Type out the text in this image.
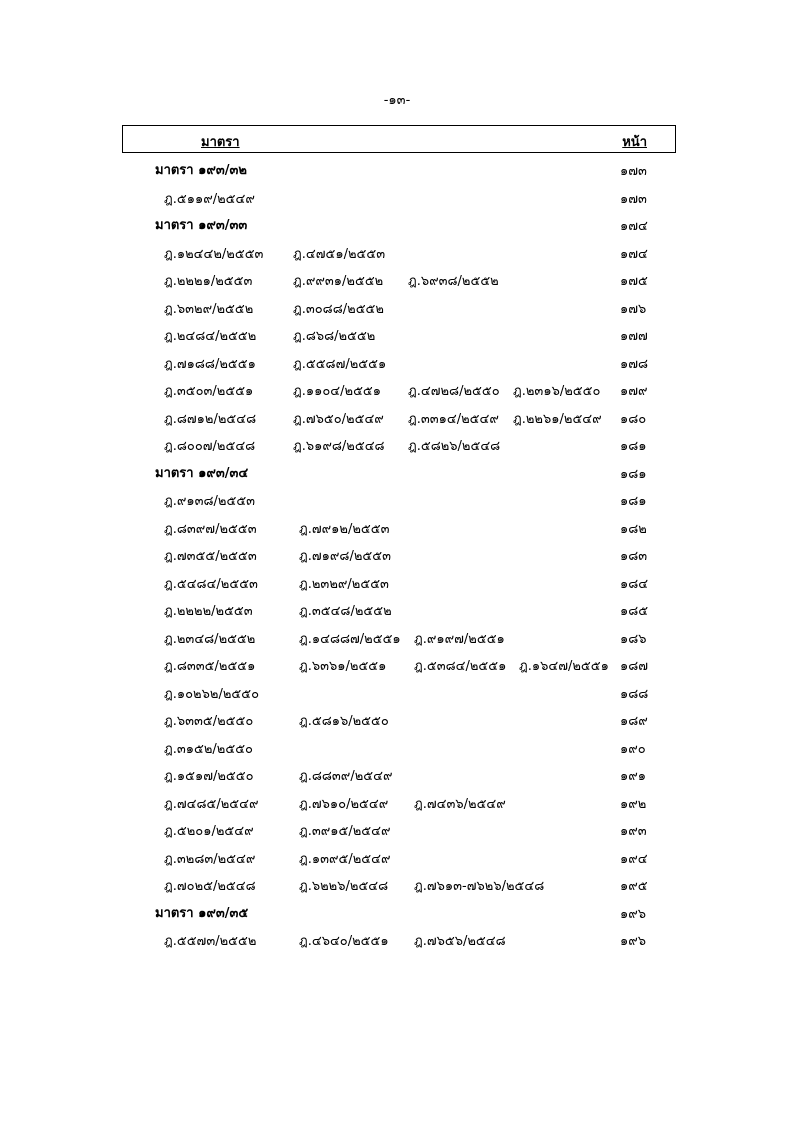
-๑๓-
มาตรา	หน้า
มาตรา ๑๙๓/๓๒	๑๗๓
ฎ.๕๑๑๙/๒๕๔๙	๑๗๓
มาตรา ๑๙๓/๓๓	๑๗๔
ฎ.๑๒๔๔๒/๒๕๕๓ ฎ.๔๗๕๑/๒๕๕๓	๑๗๔
ฎ.๒๒๒๑/๒๕๕๓	ฎ.๙๙๓๑/๒๕๕๒ ฎ.๖๙๓๘/๒๕๕๒	๑๗๕
ฎ.๖๓๒๙/๒๕๕๒	ฎ.๓๐๘๘/๒๕๕๒	๑๗๖
ฎ.๒๔๘๔/๒๕๕๒	ฎ.๘๖๘/๒๕๕๒	๑๗๗
ฎ.๗๑๘๘/๒๕๕๑	ฎ.๕๕๘๗/๒๕๕๑	๑๗๘
ฎ.๓๕๐๓/๒๕๕๑	ฎ.๑๑๐๔/๒๕๕๑ ฎ.๔๗๒๘/๒๕๕๐ ฎ.๒๓๑๖/๒๕๕๐ ๑๗๙
ฎ.๘๗๑๒/๒๕๔๘	ฎ.๗๖๕๐/๒๕๔๙ ฎ.๓๓๑๔/๒๕๔๙ ฎ.๒๒๖๑/๒๕๔๙ ๑๘๐
ฎ.๘๐๐๗/๒๕๔๘	ฎ.๖๑๙๘/๒๕๔๘ ฎ.๕๘๒๖/๒๕๔๘	๑๘๑
มาตรา ๑๙๓/๓๔	๑๘๑
ฎ.๙๑๓๘/๒๕๕๓	๑๘๑
ฎ.๘๓๙๗/๒๕๕๓	ฎ.๗๙๑๒/๒๕๕๓	๑๘๒
ฎ.๗๓๕๕/๒๕๕๓	ฎ.๗๑๙๘/๒๕๕๓	๑๘๓
ฎ.๕๔๘๔/๒๕๕๓	ฎ.๒๓๒๙/๒๕๕๓	๑๘๔
ฎ.๒๒๒๒/๒๕๕๓	ฎ.๓๕๔๘/๒๕๕๒	๑๘๕
ฎ.๒๓๔๘/๒๕๕๒	ฎ.๑๔๘๘๗/๒๕๕๑ ฎ.๙๑๙๗/๒๕๕๑	๑๘๖
ฎ.๘๓๓๕/๒๕๕๑	ฎ.๖๓๖๑/๒๕๕๑ ฎ.๕๓๘๔/๒๕๕๑ ฎ.๑๖๔๗/๒๕๕๑ ๑๘๗
ฎ.๑๐๒๖๒/๒๕๕๐	๑๘๘
ฎ.๖๓๓๕/๒๕๕๐	ฎ.๕๘๑๖/๒๕๕๐	๑๘๙
ฎ.๓๑๕๒/๒๕๕๐	๑๙๐
ฎ.๑๕๑๗/๒๕๕๐	ฎ.๘๘๓๙/๒๕๔๙	๑๙๑
ฎ.๗๔๘๕/๒๕๔๙	ฎ.๗๖๑๐/๒๕๔๙ ฎ.๗๔๓๖/๒๕๔๙	๑๙๒
ฎ.๕๒๐๑/๒๕๔๙	ฎ.๓๙๑๕/๒๕๔๙	๑๙๓
ฎ.๓๒๘๓/๒๕๔๙	ฎ.๑๓๙๕/๒๕๔๙	๑๙๔
ฎ.๗๐๒๕/๒๕๔๘	ฎ.๖๒๒๖/๒๕๔๘ ฎ.๗๖๑๓-๗๖๒๖/๒๕๔๘	๑๙๕
มาตรา ๑๙๓/๓๕	๑๙๖
ฎ.๕๕๗๓/๒๕๕๒	ฎ.๔๖๔๐/๒๕๕๑ ฎ.๗๖๕๖/๒๕๔๘	๑๙๖
